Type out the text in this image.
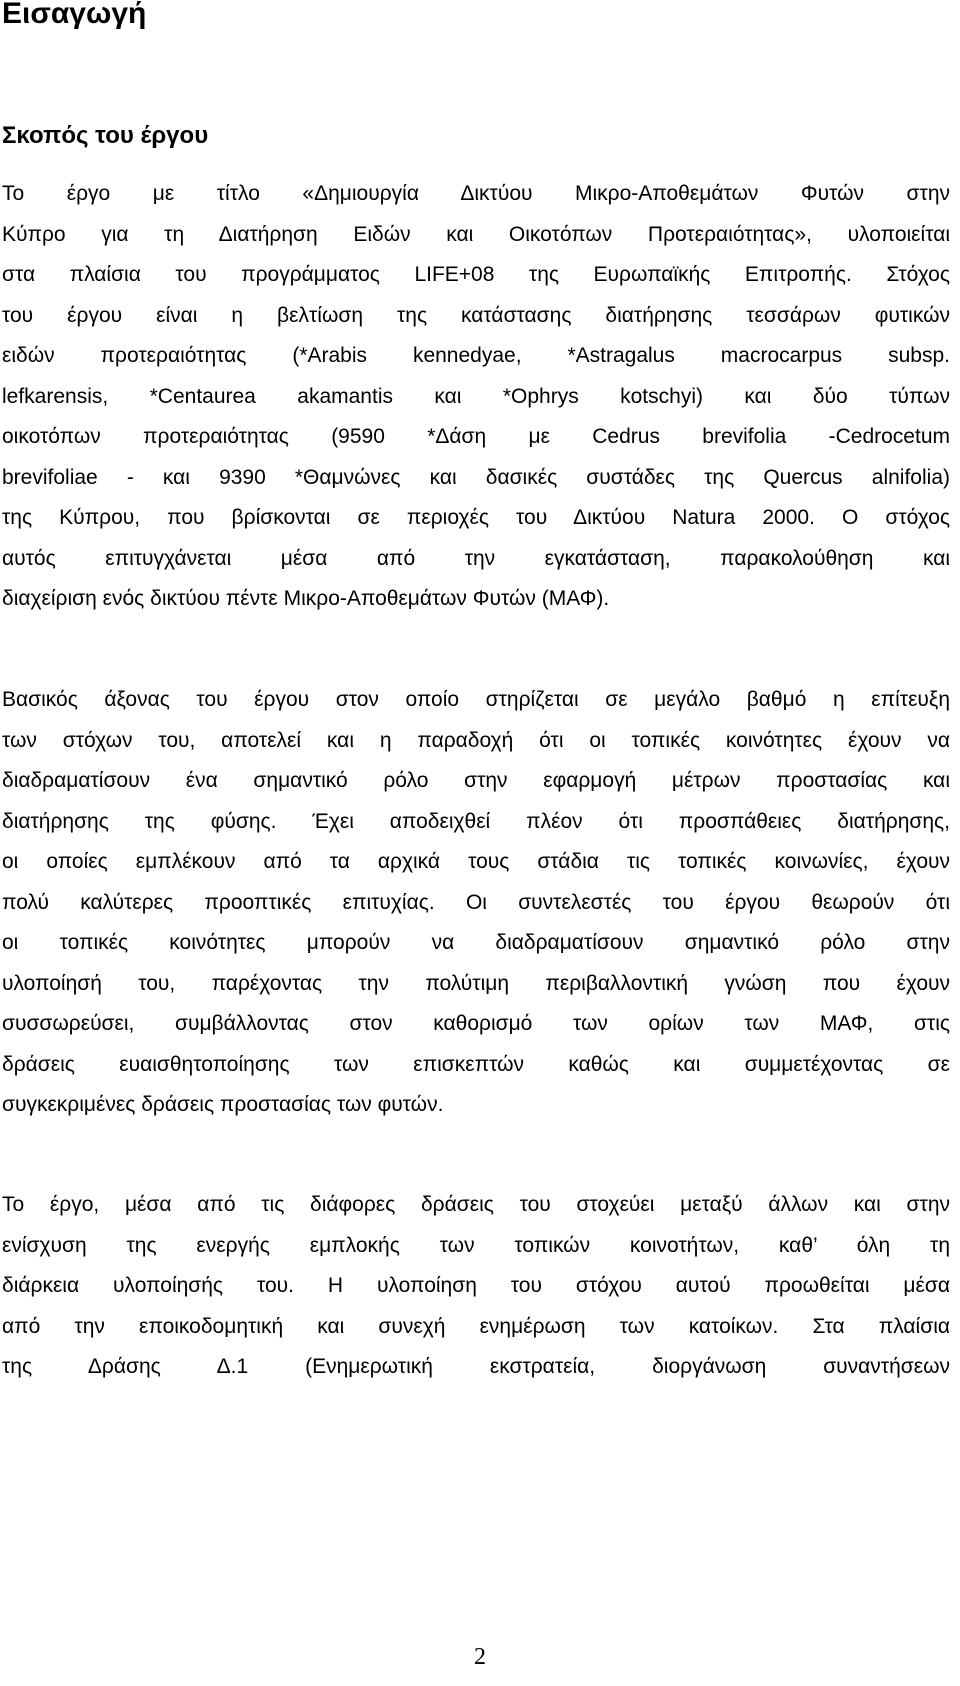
Εισαγωγή
Σκοπός του έργου
Το έργο με τίτλο «Δημιουργία Δικτύου Μικρο-Αποθεμάτων Φυτών στην
Κύπρο για τη Διατήρηση Ειδών και Οικοτόπων Προτεραιότητας», υλοποιείται
στα πλαίσια του προγράμματος LIFE+08 της Ευρωπαϊκής Επιτροπής. Στόχος
του έργου είναι η βελτίωση της κατάστασης διατήρησης τεσσάρων φυτικών
ειδών προτεραιότητας (*Arabis kennedyae, *Astragalus macrocarpus subsp.
lefkarensis, *Centaurea akamantis και *Ophrys kotschyi) και δύο τύπων
οικοτόπων προτεραιότητας (9590 *Δάση με Cedrus brevifolia -Cedrocetum
brevifoliae - και 9390 *Θαμνώνες και δασικές συστάδες της Quercus alnifolia)
της Κύπρου, που βρίσκονται σε περιοχές του Δικτύου Natura 2000. Ο στόχος
αυτός επιτυγχάνεται μέσα από την εγκατάσταση, παρακολούθηση και
διαχείριση ενός δικτύου πέντε Μικρο-Αποθεμάτων Φυτών (ΜΑΦ).
Βασικός άξονας του έργου στον οποίο στηρίζεται σε μεγάλο βαθμό η επίτευξη
των στόχων του, αποτελεί και η παραδοχή ότι οι τοπικές κοινότητες έχουν να
διαδραματίσουν ένα σημαντικό ρόλο στην εφαρμογή μέτρων προστασίας και
διατήρησης της φύσης. Έχει αποδειχθεί πλέον ότι προσπάθειες διατήρησης,
οι οποίες εμπλέκουν από τα αρχικά τους στάδια τις τοπικές κοινωνίες, έχουν
πολύ καλύτερες προοπτικές επιτυχίας. Οι συντελεστές του έργου θεωρούν ότι
οι τοπικές κοινότητες μπορούν να διαδραματίσουν σημαντικό ρόλο στην
υλοποίησή του, παρέχοντας την πολύτιμη περιβαλλοντική γνώση που έχουν
συσσωρεύσει, συμβάλλοντας στον καθορισμό των ορίων των ΜΑΦ, στις
δράσεις ευαισθητοποίησης των επισκεπτών καθώς και συμμετέχοντας σε
συγκεκριμένες δράσεις προστασίας των φυτών.
Το έργο, μέσα από τις διάφορες δράσεις του στοχεύει μεταξύ άλλων και στην
ενίσχυση της ενεργής εμπλοκής των τοπικών κοινοτήτων, καθ’ όλη τη
διάρκεια υλοποίησής του. Η υλοποίηση του στόχου αυτού προωθείται μέσα
από την εποικοδομητική και συνεχή ενημέρωση των κατοίκων. Στα πλαίσια
της Δράσης Δ.1 (Ενημερωτική εκστρατεία, διοργάνωση συναντήσεων
2
